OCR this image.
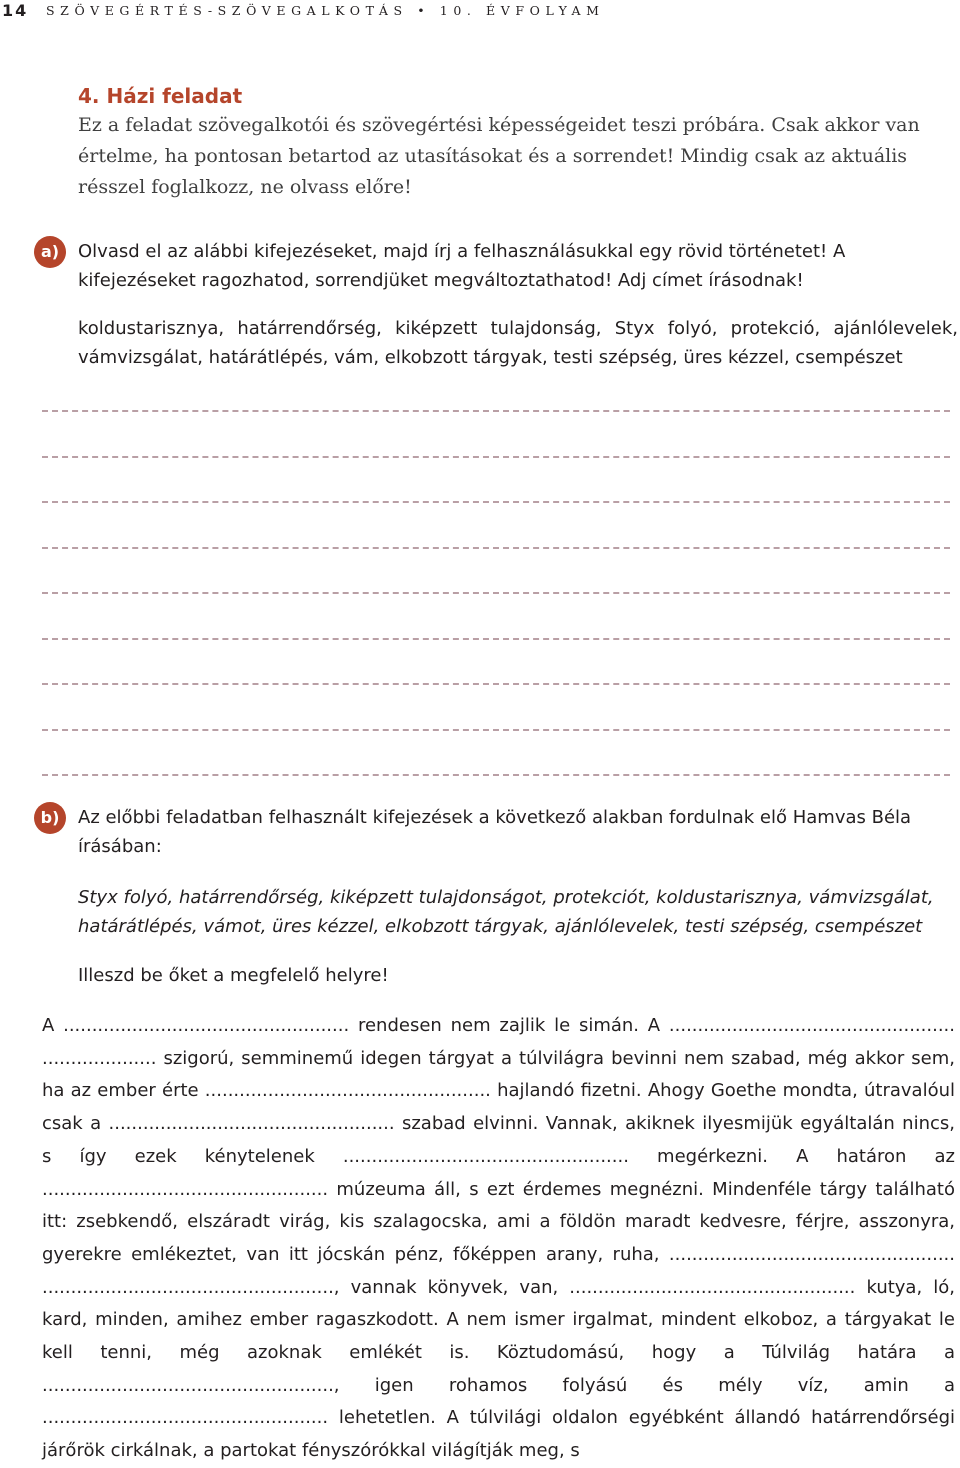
14 SZÖVEGÉRTÉS-SZÖVEGALKOTÁS • 10. ÉVFOLYAM
4. Házi feladat
Ez a feladat szövegalkotói és szövegértési képességeidet teszi próbára. Csak akkor van értelme, ha pontosan betartod az utasításokat és a sorrendet! Mindig csak az aktuális résszel foglalkozz, ne olvass előre!
a)	Olvasd el az alábbi kifejezéseket, majd írj a felhasználásukkal egy rövid történetet! A kifejezéseket ragozhatod, sorrendjüket megváltoztathatod! Adj címet írásodnak!
koldustarisznya, határrendőrség, kiképzett tulajdonság, Styx folyó, protekció, ajánlólevelek, vámvizsgálat, határátlépés, vám, elkobzott tárgyak, testi szépség, üres kézzel, csempészet
b)	Az előbbi feladatban felhasznált kifejezések a következő alakban fordulnak elő Hamvas Béla írásában:
Styx folyó, határrendőrség, kiképzett tulajdonságot, protekciót, koldustarisznya, vámvizsgálat, határátlépés, vámot, üres kézzel, elkobzott tárgyak, ajánlólevelek, testi szépség, csempészet
Illeszd be őket a megfelelő helyre!
A .................................................. rendesen nem zajlik le simán. A .................................................. .................... szigorú, semminemű idegen tárgyat a túlvilágra bevinni nem szabad, még akkor sem, ha az ember érte .................................................. hajlandó fizetni. Ahogy Goethe mondta, útravalóul csak a .................................................. szabad elvinni. Vannak, akiknek ilyesmijük egyáltalán nincs, s így ezek kénytelenek .................................................. megérkezni. A határon az .................................................. múzeuma áll, s ezt érdemes megnézni. Mindenféle tárgy található itt: zsebkendő, elszáradt virág, kis szalagocska, ami a földön maradt kedvesre, férjre, asszonyra, gyerekre emlékeztet, van itt jócskán pénz, főképpen arany, ruha, .................................................. ..................................................., vannak könyvek, van, .................................................. kutya, ló, kard, minden, amihez ember ragaszkodott. A nem ismer irgalmat, mindent elkoboz, a tárgyakat le kell tenni, még azoknak emlékét is. Köztudomású, hogy a Túlvilág határa a ..................................................., igen rohamos folyású és mély víz, amin a .................................................. lehetetlen. A túlvilági oldalon egyébként állandó határrendőrségi járőrök cirkálnak, a partokat fényszórókkal világítják meg, s
